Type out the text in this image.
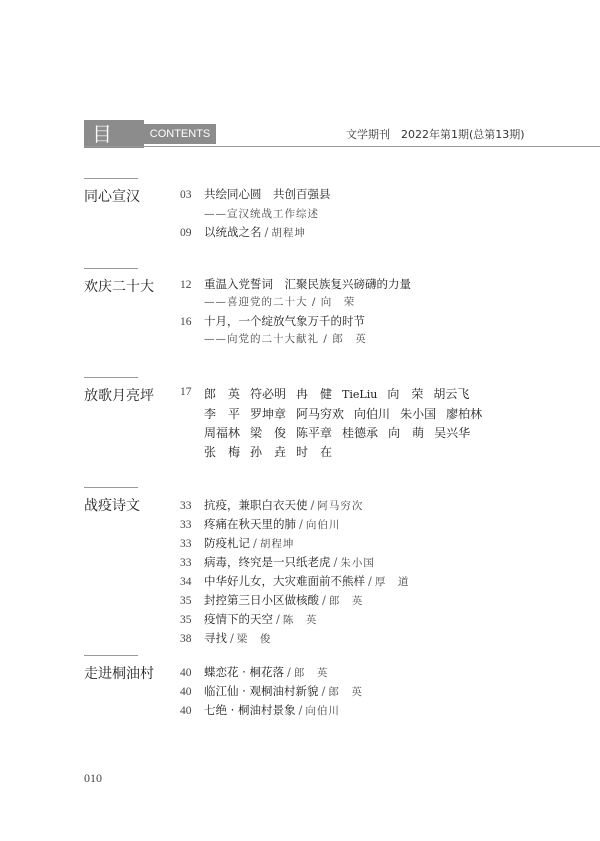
目 录
CONTENTS	文学期刊　2022年第1期(总第13期)
同心宣汉	03 共绘同心圆　共创百强县
——宣汉统战工作综述
09 以统战之名 / 胡程坤
欢庆二十大 12 重温入党誓词　汇聚民族复兴磅礴的力量
——喜迎党的二十大 / 向　荣
16 十月，一个绽放气象万千的时节
——向党的二十大献礼 / 郎　英
放歌月亮坪 17 郎　英 符必明 冉　健 TieLiu 向　荣 胡云飞
李　平 罗坤章 阿马穷欢 向伯川 朱小国 廖柏林
周福林 梁　俊 陈平章 桂德承 向　萌 吴兴华
张　梅 孙　垚 时　在
战疫诗文	33 抗疫，兼职白衣天使 / 阿马穷次
33 疼痛在秋天里的肺 / 向伯川
33 防疫札记 / 胡程坤
33 病毒，终究是一只纸老虎 / 朱小国
34 中华好儿女，大灾难面前不熊样 / 厚　道
35 封控第三日小区做核酸 / 郎　英
35 疫情下的天空 / 陈　英
38 寻找 / 梁　俊
走进桐油村 40 蝶恋花 · 桐花落 / 郎　英
40 临江仙 · 观桐油村新貌 / 郎　英
40 七绝 · 桐油村景象 / 向伯川
010
